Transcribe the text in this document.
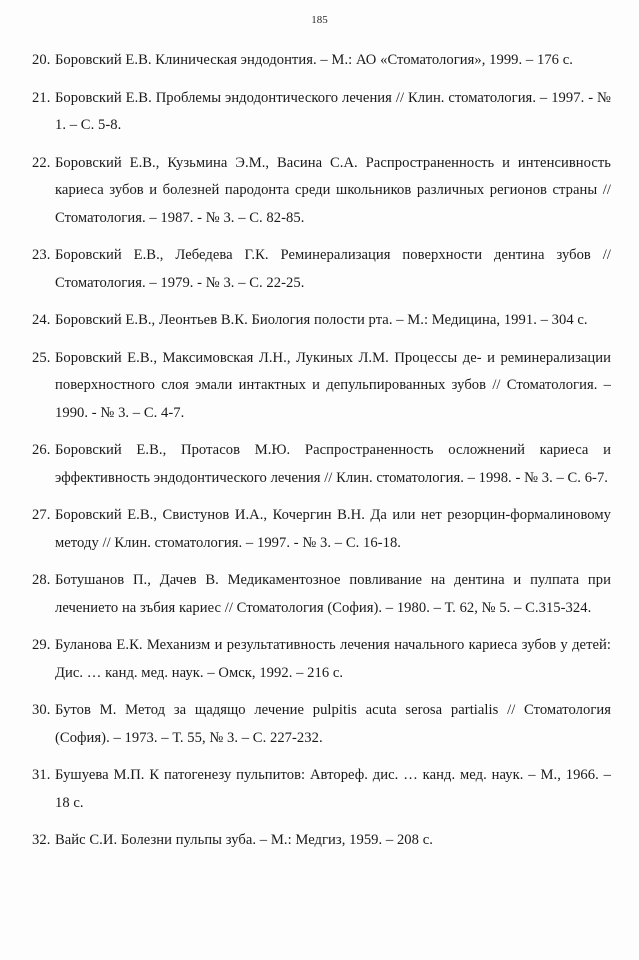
185
20. Боровский Е.В. Клиническая эндодонтия. – М.: АО «Стоматология», 1999. – 176 с.
21. Боровский Е.В. Проблемы эндодонтического лечения // Клин. стоматология. – 1997. - № 1. – С. 5-8.
22. Боровский Е.В., Кузьмина Э.М., Васина С.А. Распространенность и интенсивность кариеса зубов и болезней пародонта среди школьников различных регионов страны // Стоматология. – 1987. - № 3. – С. 82-85.
23. Боровский Е.В., Лебедева Г.К. Реминерализация поверхности дентина зубов // Стоматология. – 1979. - № 3. – С. 22-25.
24. Боровский Е.В., Леонтьев В.К. Биология полости рта. – М.: Медицина, 1991. – 304 с.
25. Боровский Е.В., Максимовская Л.Н., Лукиных Л.М. Процессы де- и реминерализации поверхностного слоя эмали интактных и депульпированных зубов // Стоматология. – 1990. - № 3. – С. 4-7.
26. Боровский Е.В., Протасов М.Ю. Распространенность осложнений кариеса и эффективность эндодонтического лечения // Клин. стоматология. – 1998. - № 3. – С. 6-7.
27. Боровский Е.В., Свистунов И.А., Кочергин В.Н. Да или нет резорцин-формалиновому методу // Клин. стоматология. – 1997. - № 3. – С. 16-18.
28. Ботушанов П., Дачев В. Медикаментозное повливание на дентина и пулпата при лечението на зъбия кариес // Стоматология (София). – 1980. – Т. 62, № 5. – С.315-324.
29. Буланова Е.К. Механизм и результативность лечения начального кариеса зубов у детей: Дис. … канд. мед. наук. – Омск, 1992. – 216 с.
30. Бутов М. Метод за щадящо лечение pulpitis acuta serosa partialis // Стоматология (София). – 1973. – Т. 55, № 3. – С. 227-232.
31. Бушуева М.П. К патогенезу пульпитов: Автореф. дис. … канд. мед. наук. – М., 1966. – 18 с.
32. Вайс С.И. Болезни пульпы зуба. – М.: Медгиз, 1959. – 208 с.
